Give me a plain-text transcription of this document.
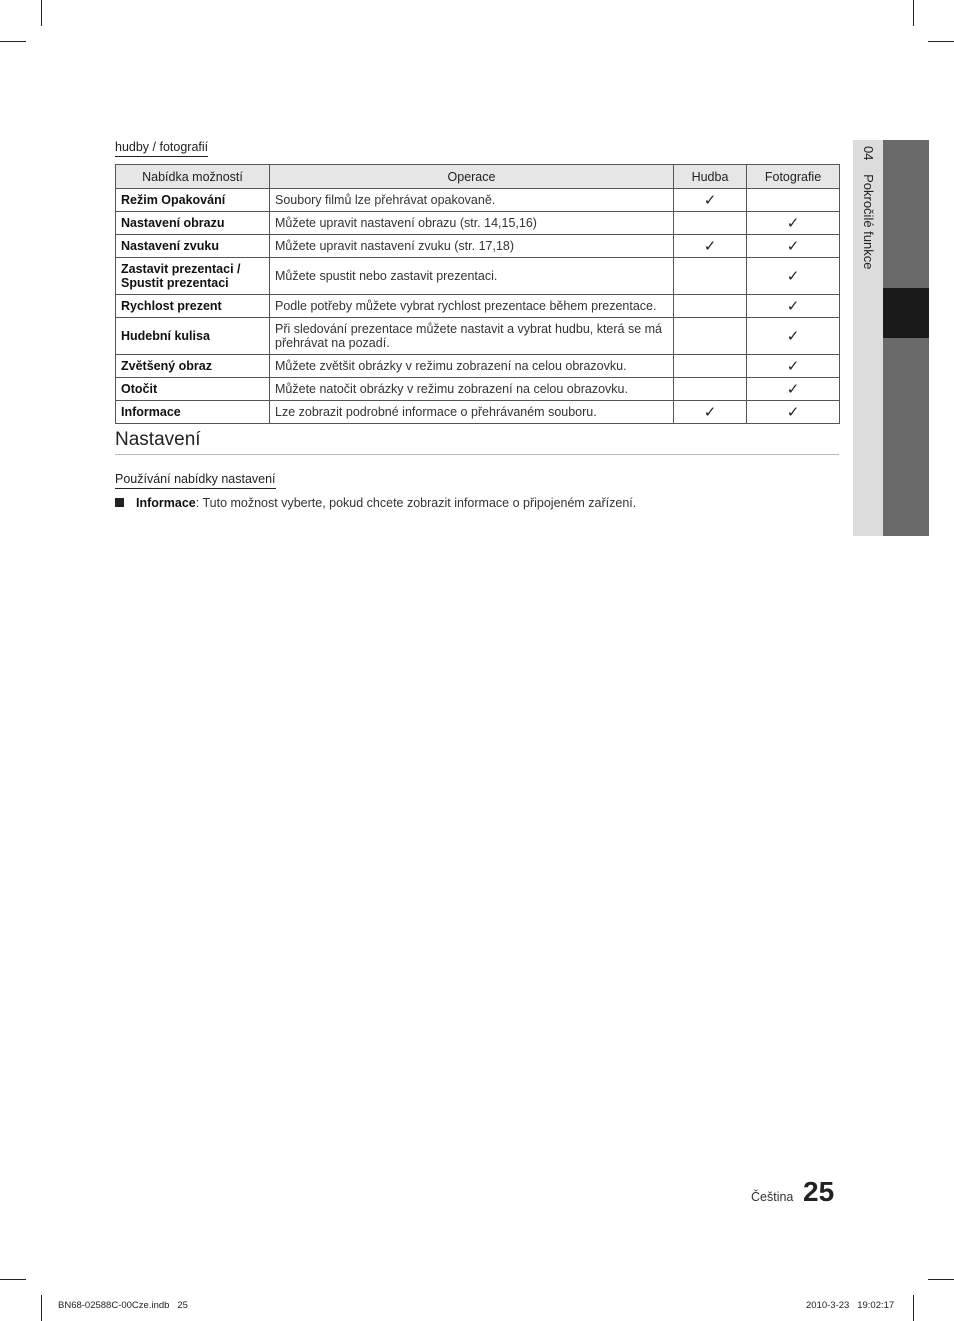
hudby / fotografií
Nabídka možností	Operace	Hudba	Fotografie
Režim Opakování	Soubory filmů lze přehrávat opakovaně.	✓	
Nastavení obrazu	Můžete upravit nastavení obrazu (str. 14,15,16)		✓
Nastavení zvuku	Můžete upravit nastavení zvuku (str. 17,18)	✓	✓
Zastavit prezentaci / Spustit prezentaci	Můžete spustit nebo zastavit prezentaci.		✓
Rychlost prezent	Podle potřeby můžete vybrat rychlost prezentace během prezentace.		✓
Hudební kulisa	Při sledování prezentace můžete nastavit a vybrat hudbu, která se má přehrávat na pozadí.		✓
Zvětšený obraz	Můžete zvětšit obrázky v režimu zobrazení na celou obrazovku.		✓
Otočit	Můžete natočit obrázky v režimu zobrazení na celou obrazovku.		✓
Informace	Lze zobrazit podrobné informace o přehrávaném souboru.	✓	✓
Nastavení
Používání nabídky nastavení
Informace: Tuto možnost vyberte, pokud chcete zobrazit informace o připojeném zařízení.
04 Pokročilé funkce
Čeština 25
BN68-02588C-00Cze.indb   25	2010-3-23   19:02:17
